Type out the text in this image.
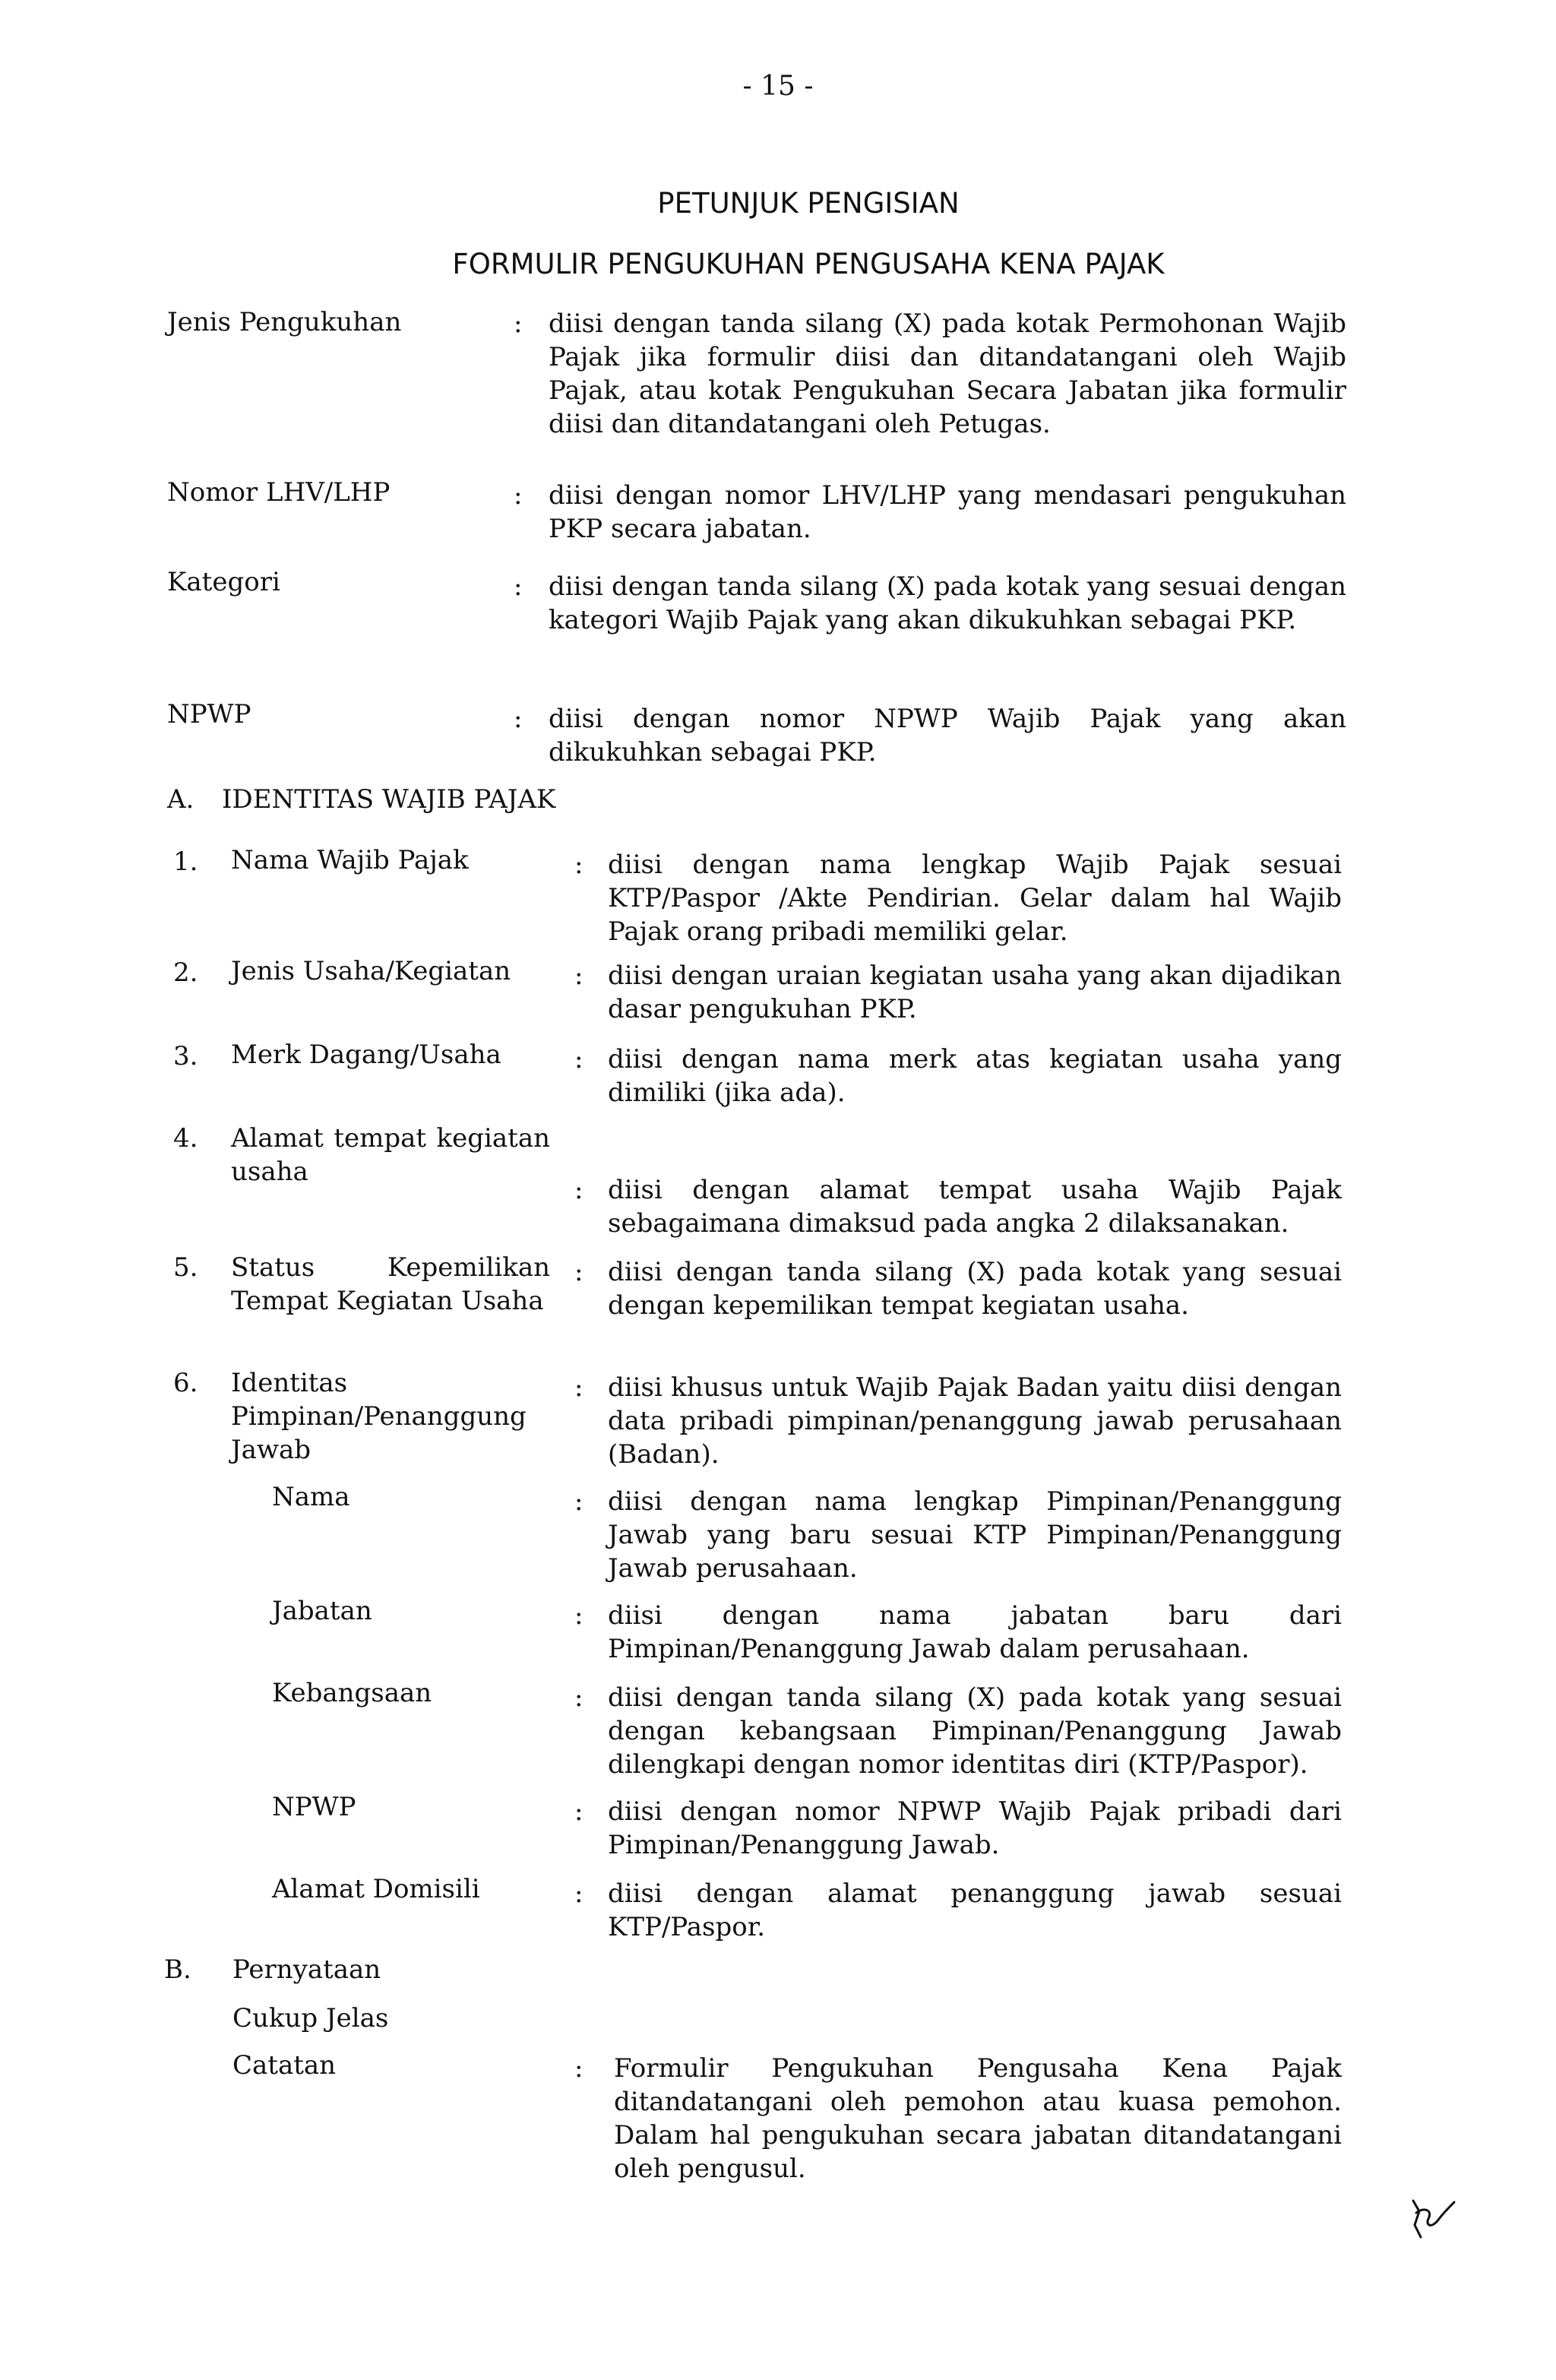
- 15 -
PETUNJUK PENGISIAN
FORMULIR PENGUKUHAN PENGUSAHA KENA PAJAK
Jenis Pengukuhan	: diisi dengan tanda silang (X) pada kotak Permohonan Wajib Pajak jika formulir diisi dan ditandatangani oleh Wajib Pajak, atau kotak Pengukuhan Secara Jabatan jika formulir diisi dan ditandatangani oleh Petugas.
Nomor LHV/LHP	: diisi dengan nomor LHV/LHP yang mendasari pengukuhan PKP secara jabatan.
Kategori	: diisi dengan tanda silang (X) pada kotak yang sesuai dengan kategori Wajib Pajak yang akan dikukuhkan sebagai PKP.
NPWP	: diisi dengan nomor NPWP Wajib Pajak yang akan dikukuhkan sebagai PKP.
A. IDENTITAS WAJIB PAJAK
1. Nama Wajib Pajak	: diisi dengan nama lengkap Wajib Pajak sesuai KTP/Paspor /Akte Pendirian. Gelar dalam hal Wajib Pajak orang pribadi memiliki gelar.
2. Jenis Usaha/Kegiatan	: diisi dengan uraian kegiatan usaha yang akan dijadikan dasar pengukuhan PKP.
3. Merk Dagang/Usaha	: diisi dengan nama merk atas kegiatan usaha yang dimiliki (jika ada).
4. Alamat tempat kegiatan usaha
: diisi dengan alamat tempat usaha Wajib Pajak sebagaimana dimaksud pada angka 2 dilaksanakan.
5. Status Kepemilikan Tempat Kegiatan Usaha
: diisi dengan tanda silang (X) pada kotak yang sesuai dengan kepemilikan tempat kegiatan usaha.
6. Identitas Pimpinan/Penanggung Jawab
: diisi khusus untuk Wajib Pajak Badan yaitu diisi dengan data pribadi pimpinan/penanggung jawab perusahaan (Badan).
Nama	: diisi dengan nama lengkap Pimpinan/Penanggung Jawab yang baru sesuai KTP Pimpinan/Penanggung Jawab perusahaan.
Jabatan	: diisi dengan nama jabatan baru dari Pimpinan/Penanggung Jawab dalam perusahaan.
Kebangsaan	: diisi dengan tanda silang (X) pada kotak yang sesuai dengan kebangsaan Pimpinan/Penanggung Jawab dilengkapi dengan nomor identitas diri (KTP/Paspor).
NPWP	: diisi dengan nomor NPWP Wajib Pajak pribadi dari Pimpinan/Penanggung Jawab.
Alamat Domisili	: diisi dengan alamat penanggung jawab sesuai KTP/Paspor.
B. Pernyataan
Cukup Jelas
Catatan	: Formulir Pengukuhan Pengusaha Kena Pajak ditandatangani oleh pemohon atau kuasa pemohon. Dalam hal pengukuhan secara jabatan ditandatangani oleh pengusul.
